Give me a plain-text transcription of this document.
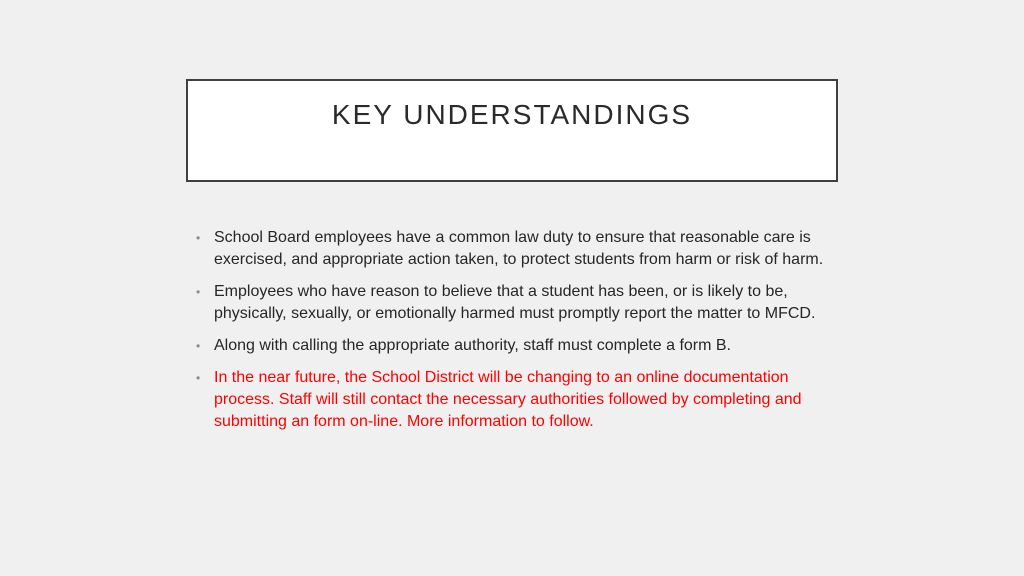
KEY UNDERSTANDINGS
• School Board employees have a common law duty to ensure that reasonable care is exercised, and appropriate action taken, to protect students from harm or risk of harm.
• Employees who have reason to believe that a student has been, or is likely to be, physically, sexually, or emotionally harmed must promptly report the matter to MFCD.
• Along with calling the appropriate authority, staff must complete a form B.
• In the near future, the School District will be changing to an online documentation process. Staff will still contact the necessary authorities followed by completing and submitting an form on-line. More information to follow.
